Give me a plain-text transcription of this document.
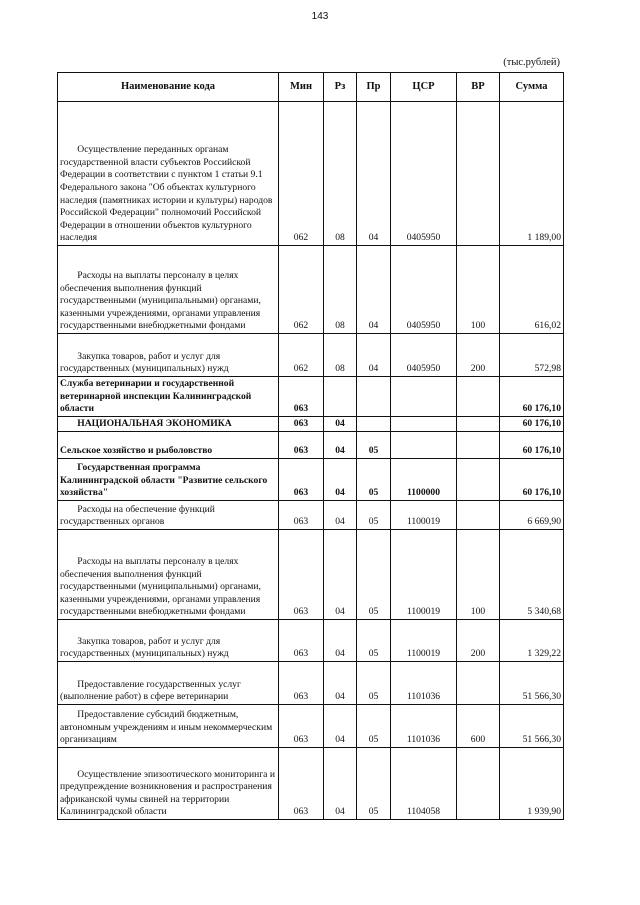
143
(тыс.рублей)
Наименование кода	Мин	Рз	Пр	ЦСР	ВР	Сумма
Осуществление переданных органам государственной власти субъектов Российской Федерации в соответствии с пунктом 1 статьи 9.1 Федерального закона "Об объектах культурного наследия (памятниках истории и культуры) народов Российской Федерации" полномочий Российской Федерации в отношении объектов культурного наследия	062	08	04	0405950		1 189,00
Расходы на выплаты персоналу в целях обеспечения выполнения функций государственными (муниципальными) органами, казенными учреждениями, органами управления государственными внебюджетными фондами	062	08	04	0405950	100	616,02
Закупка товаров, работ и услуг для государственных (муниципальных) нужд	062	08	04	0405950	200	572,98
Служба ветеринарии и государственной ветеринарной инспекции Калининградской области	063					60 176,10
НАЦИОНАЛЬНАЯ ЭКОНОМИКА	063	04				60 176,10
Сельское хозяйство и рыболовство	063	04	05			60 176,10
Государственная программа Калининградской области "Развитие сельского хозяйства"	063	04	05	1100000		60 176,10
Расходы на обеспечение функций государственных органов	063	04	05	1100019		6 669,90
Расходы на выплаты персоналу в целях обеспечения выполнения функций государственными (муниципальными) органами, казенными учреждениями, органами управления государственными внебюджетными фондами	063	04	05	1100019	100	5 340,68
Закупка товаров, работ и услуг для государственных (муниципальных) нужд	063	04	05	1100019	200	1 329,22
Предоставление государственных услуг (выполнение работ) в сфере ветеринарии	063	04	05	1101036		51 566,30
Предоставление субсидий бюджетным, автономным учреждениям и иным некоммерческим организациям	063	04	05	1101036	600	51 566,30
Осуществление эпизоотического мониторинга и предупреждение возникновения и распространения африканской чумы свиней на территории Калининградской области	063	04	05	1104058		1 939,90
